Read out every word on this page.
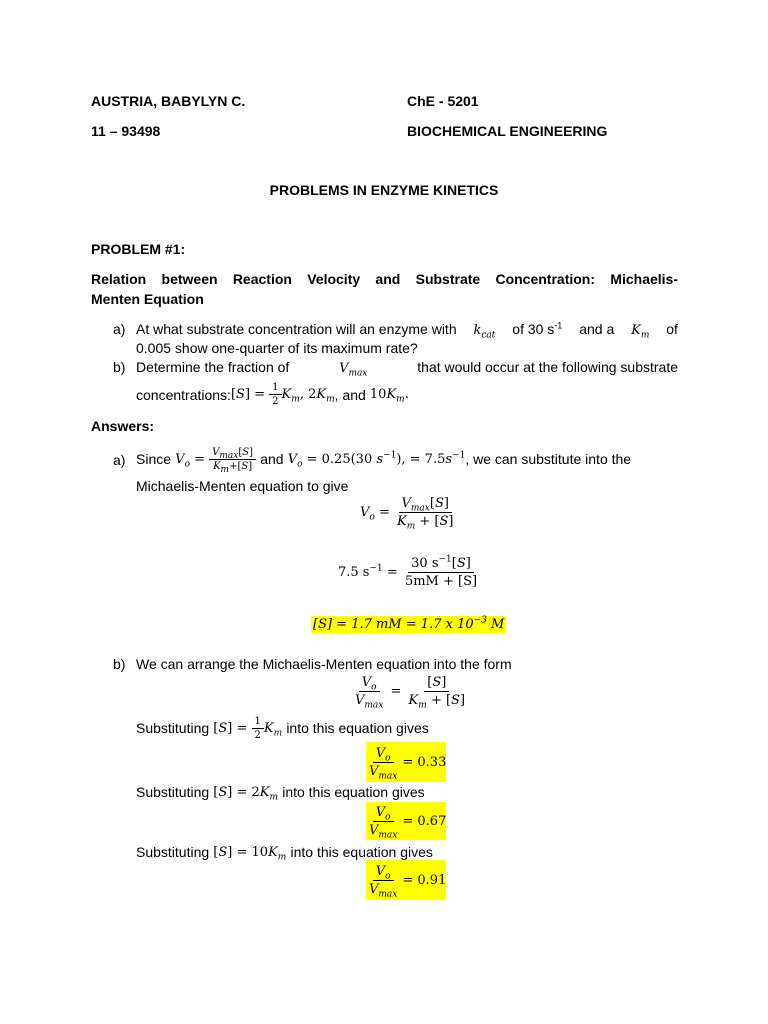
AUSTRIA, BABYLYN C.	ChE - 5201
11 – 93498	BIOCHEMICAL ENGINEERING
PROBLEMS IN ENZYME KINETICS
PROBLEM #1:
Relation between Reaction Velocity and Substrate Concentration: Michaelis-
Menten Equation
a) At what substrate concentration will an enzyme with $k_{cat}$ of 30 $s^{-1}$ and a $K_m$ of
0.005 show one-quarter of its maximum rate?
b) Determine the fraction of	$V_{max}$	that would occur at the following substrate
concentrations: $[S] = \frac{1}{2} K_m$, $2K_m$ , and $10K_m$.
Answers:
a) Since $V_o = \frac{V_{max}[S]}{K_m+[S]}$
and $V_o = 0.25(30$ $s^{-1}$), = $7.5s^{-1}$ , we can substitute into the
Michaelis-Menten equation to give
$V_o = \frac{V_{max}[S]}{K_m + [S]}$
7.5 $s^{-1} = \frac{30 s^{-1}[S]}{5mM + [S]}$
[S] = 1.7 mM = 1.7 x $10^{-3}$ M
b) We can arrange the Michaelis-Menten equation into the form
$\frac{V_o}{V_{max}} = \frac{[S]}{K_m + [S]}$
Substituting $[S] = \frac{1}{2} K_m$ into this equation gives
$\frac{V_o}{V_{max}} = 0.33$
Substituting $[S] = 2K_m$ into this equation gives
$\frac{V_o}{V_{max}} = 0.67$
Substituting $[S] = 10K_m$ into this equation gives
$\frac{V_o}{V_{max}} = 0.91$
